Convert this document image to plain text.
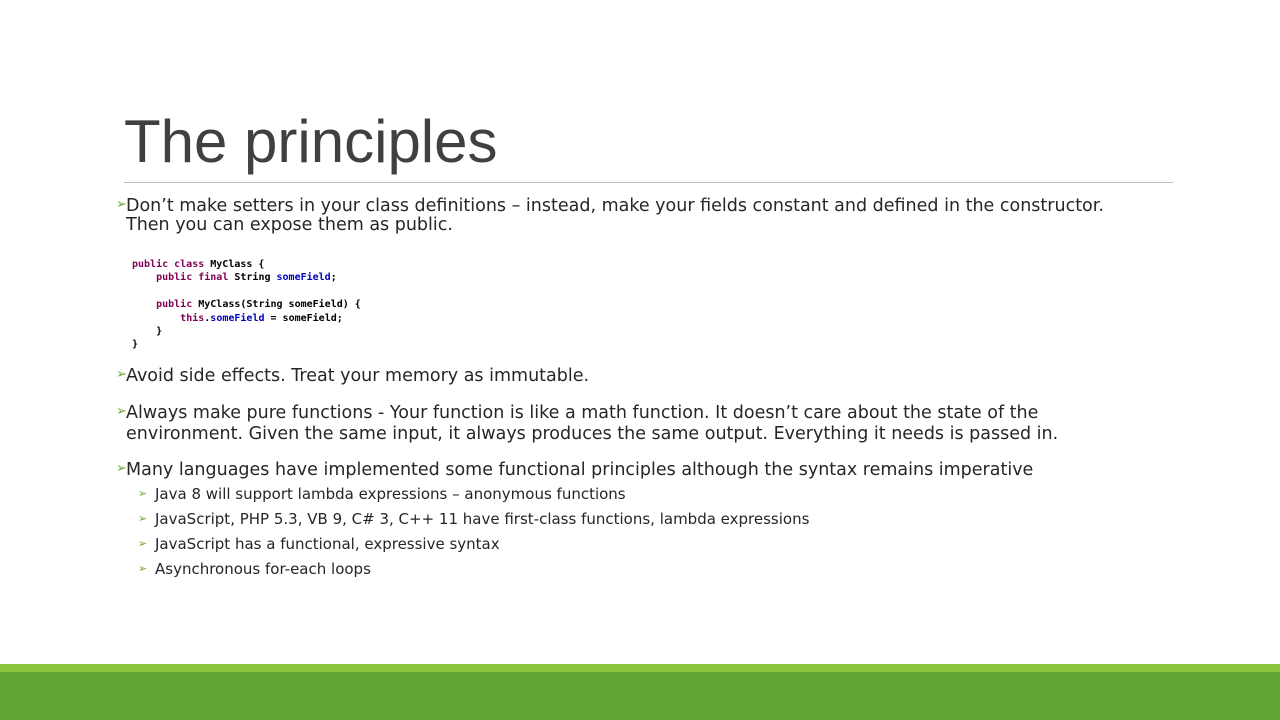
The principles
➢ Don’t make setters in your class definitions – instead, make your fields constant and defined in the constructor.
Then you can expose them as public.
public class MyClass {
public final String someField;

public MyClass(String someField) {
this.someField = someField;
}
}
➢ Avoid side effects. Treat your memory as immutable.
➢ Always make pure functions - Your function is like a math function. It doesn’t care about the state of the
environment. Given the same input, it always produces the same output. Everything it needs is passed in.
➢ Many languages have implemented some functional principles although the syntax remains imperative
➢ Java 8 will support lambda expressions – anonymous functions
➢ JavaScript, PHP 5.3, VB 9, C# 3, C++ 11 have first-class functions, lambda expressions
➢ JavaScript has a functional, expressive syntax
➢ Asynchronous for-each loops
